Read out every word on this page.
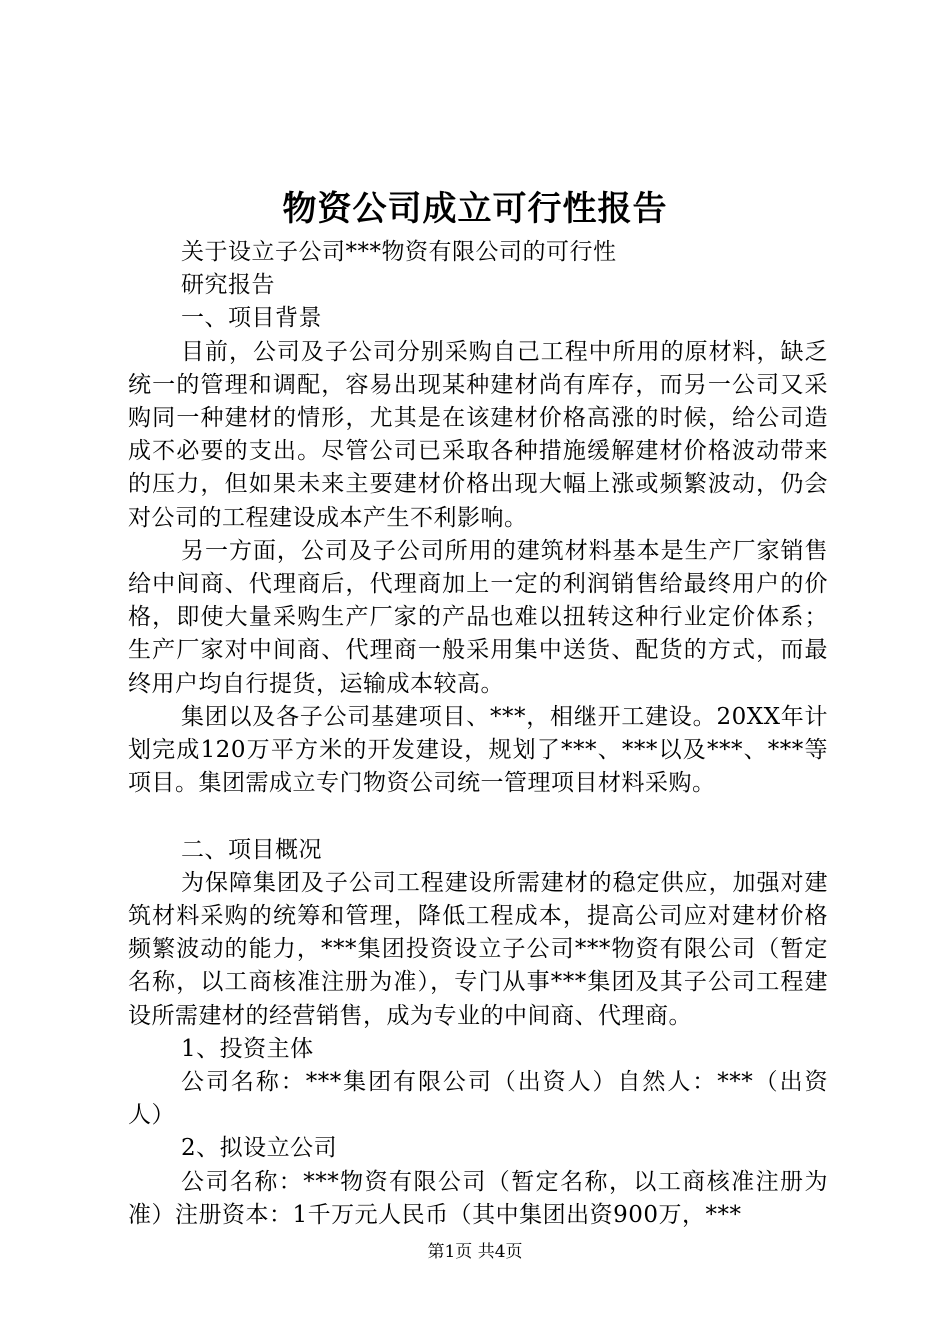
物资公司成立可行性报告

关于设立子公司***物资有限公司的可行性

研究报告

一、项目背景

目前，公司及子公司分别采购自己工程中所用的原材料，缺乏统一的管理和调配，容易出现某种建材尚有库存，而另一公司又采购同一种建材的情形，尤其是在该建材价格高涨的时候，给公司造成不必要的支出。尽管公司已采取各种措施缓解建材价格波动带来的压力，但如果未来主要建材价格出现大幅上涨或频繁波动，仍会对公司的工程建设成本产生不利影响。

另一方面，公司及子公司所用的建筑材料基本是生产厂家销售给中间商、代理商后，代理商加上一定的利润销售给最终用户的价格，即使大量采购生产厂家的产品也难以扭转这种行业定价体系；生产厂家对中间商、代理商一般采用集中送货、配货的方式，而最终用户均自行提货，运输成本较高。

集团以及各子公司基建项目、***，相继开工建设。20XX年计划完成120万平方米的开发建设，规划了***、***以及***、***等项目。集团需成立专门物资公司统一管理项目材料采购。

二、项目概况

为保障集团及子公司工程建设所需建材的稳定供应，加强对建筑材料采购的统筹和管理，降低工程成本，提高公司应对建材价格频繁波动的能力，***集团投资设立子公司***物资有限公司（暂定名称，以工商核准注册为准），专门从事***集团及其子公司工程建设所需建材的经营销售，成为专业的中间商、代理商。

1、投资主体

公司名称：***集团有限公司（出资人）自然人：***（出资人）

2、拟设立公司

公司名称：***物资有限公司（暂定名称，以工商核准注册为准）注册资本：1千万元人民币（其中集团出资900万，***

第1页 共4页
